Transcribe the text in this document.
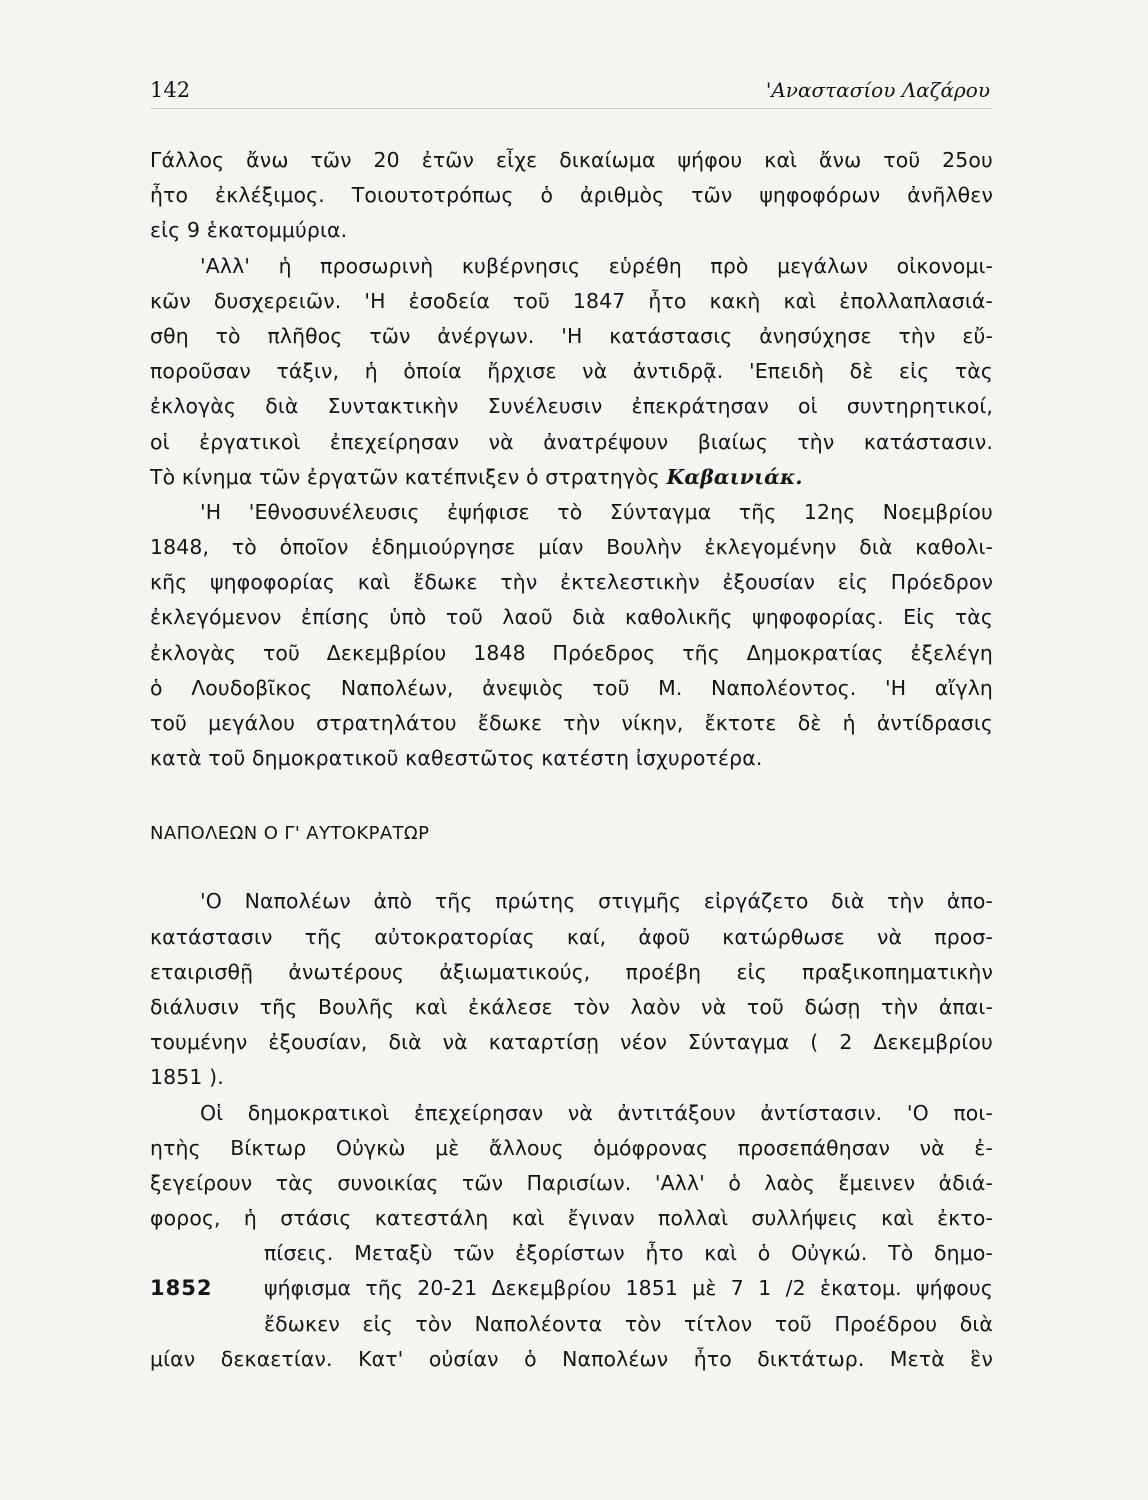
142	'Αναστασίου Λαζάρου
Γάλλος ἄνω τῶν 20 ἐτῶν εἶχε δικαίωμα ψήφου καὶ ἄνω τοῦ 25ου
ἦτο ἐκλέξιμος. Τοιουτοτρόπως ὁ ἀριθμὸς τῶν ψηφοφόρων ἀνῆλθεν
εἰς 9 ἑκατομμύρια.
'Αλλ' ἡ προσωρινὴ κυβέρνησις εὑρέθη πρὸ μεγάλων οἰκονομι-
κῶν δυσχερειῶν. 'Η ἐσοδεία τοῦ 1847 ἦτο κακὴ καὶ ἐπολλαπλασιά-
σθη τὸ πλῆθος τῶν ἀνέργων. 'Η κατάστασις ἀνησύχησε τὴν εὔ-
ποροῦσαν τάξιν, ἡ ὁποία ἤρχισε νὰ ἀντιδρᾷ. 'Επειδὴ δὲ εἰς τὰς
ἐκλογὰς διὰ Συντακτικὴν Συνέλευσιν ἐπεκράτησαν οἱ συντηρητικοί,
οἱ ἐργατικοὶ ἐπεχείρησαν νὰ ἀνατρέψουν βιαίως τὴν κατάστασιν.
Τὸ κίνημα τῶν ἐργατῶν κατέπνιξεν ὁ στρατηγὸς Καβαινιάκ.
'Η 'Εθνοσυνέλευσις ἐψήφισε τὸ Σύνταγμα τῆς 12ης Νοεμβρίου
1848, τὸ ὁποῖον ἐδημιούργησε μίαν Βουλὴν ἐκλεγομένην διὰ καθολι-
κῆς ψηφοφορίας καὶ ἔδωκε τὴν ἐκτελεστικὴν ἐξουσίαν εἰς Πρόεδρον
ἐκλεγόμενον ἐπίσης ὑπὸ τοῦ λαοῦ διὰ καθολικῆς ψηφοφορίας. Εἰς τὰς
ἐκλογὰς τοῦ Δεκεμβρίου 1848 Πρόεδρος τῆς Δημοκρατίας ἐξελέγη
ὁ Λουδοβῖκος Ναπολέων, ἀνεψιὸς τοῦ Μ. Ναπολέοντος. 'Η αἴγλη
τοῦ μεγάλου στρατηλάτου ἔδωκε τὴν νίκην, ἔκτοτε δὲ ἡ ἀντίδρασις
κατὰ τοῦ δημοκρατικοῦ καθεστῶτος κατέστη ἰσχυροτέρα.
ΝΑΠΟΛΕΩΝ Ο Γ' ΑΥΤΟΚΡΑΤΩΡ
'Ο Ναπολέων ἀπὸ τῆς πρώτης στιγμῆς εἰργάζετο διὰ τὴν ἀπο-
κατάστασιν τῆς αὐτοκρατορίας καί, ἀφοῦ κατώρθωσε νὰ προσ-
εταιρισθῇ ἀνωτέρους ἀξιωματικούς, προέβη εἰς πραξικοπηματικὴν
διάλυσιν τῆς Βουλῆς καὶ ἐκάλεσε τὸν λαὸν νὰ τοῦ δώσῃ τὴν ἀπαι-
τουμένην ἐξουσίαν, διὰ νὰ καταρτίσῃ νέον Σύνταγμα ( 2 Δεκεμβρίου
1851 ).
Οἱ δημοκρατικοὶ ἐπεχείρησαν νὰ ἀντιτάξουν ἀντίστασιν. 'Ο ποι-
ητὴς Βίκτωρ Οὐγκὼ μὲ ἄλλους ὁμόφρονας προσεπάθησαν νὰ ἐ-
ξεγείρουν τὰς συνοικίας τῶν Παρισίων. 'Αλλ' ὁ λαὸς ἔμεινεν ἀδιά-
φορος, ἡ στάσις κατεστάλη καὶ ἔγιναν πολλαὶ συλλήψεις καὶ ἐκτο-
πίσεις. Μεταξὺ τῶν ἐξορίστων ἦτο καὶ ὁ Οὐγκώ. Τὸ δημο-
1852	ψήφισμα τῆς 20-21 Δεκεμβρίου 1851 μὲ 7 1 /2 ἑκατομ. ψήφους
ἔδωκεν εἰς τὸν Ναπολέοντα τὸν τίτλον τοῦ Προέδρου διὰ
μίαν δεκαετίαν. Κατ' οὐσίαν ὁ Ναπολέων ἦτο δικτάτωρ. Μετὰ ἓν
